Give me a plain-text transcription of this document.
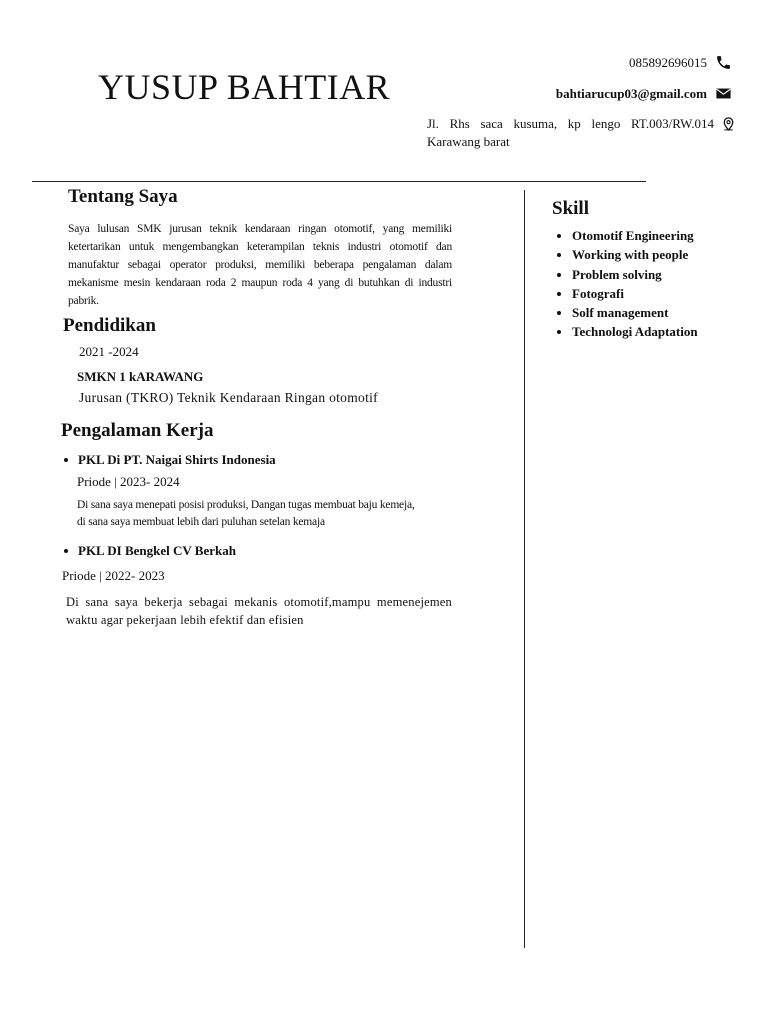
YUSUP BAHTIAR
085892696015
bahtiarucup03@gmail.com
Jl. Rhs saca kusuma, kp lengo RT.003/RW.014
Karawang barat
Tentang Saya
Saya lulusan SMK jurusan teknik kendaraan ringan otomotif, yang memiliki ketertarikan untuk mengembangkan keterampilan teknis industri otomotif dan manufaktur sebagai operator produksi, memiliki beberapa pengalaman dalam mekanisme mesin kendaraan roda 2 maupun roda 4 yang di butuhkan di industri pabrik.
Pendidikan
2021 -2024
SMKN 1 kARAWANG
Jurusan (TKRO) Teknik Kendaraan Ringan otomotif
Pengalaman Kerja
PKL Di PT. Naigai Shirts Indonesia
Priode | 2023- 2024
Di sana saya menepati posisi produksi, Dangan tugas membuat baju kemeja,
di sana saya membuat lebih dari puluhan setelan kemaja
PKL DI Bengkel CV Berkah
Priode | 2022- 2023
Di sana saya bekerja sebagai mekanis otomotif,mampu memenejemen waktu agar pekerjaan lebih efektif dan efisien
Skill
Otomotif Engineering
Working with people
Problem solving
Fotografi
Solf management
Technologi Adaptation
